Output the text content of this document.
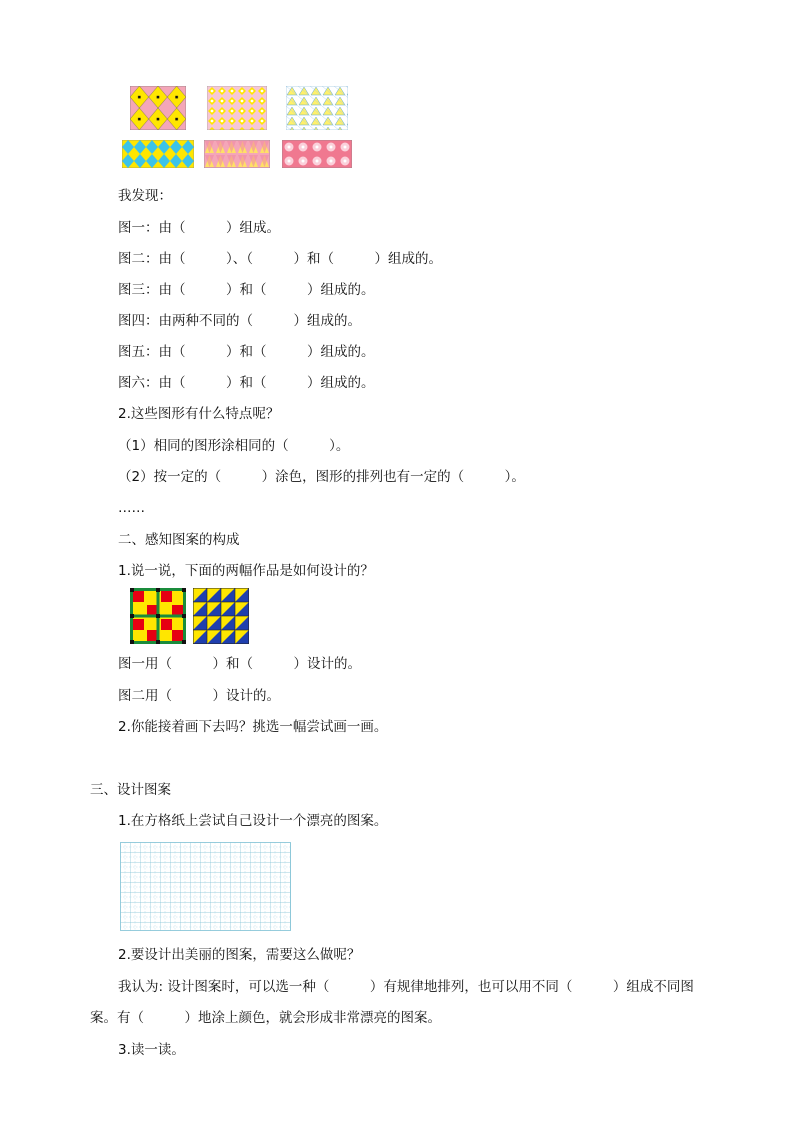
我发现：
图一：由（　　　）组成。
图二：由（　　　）、（　　　）和（　　　）组成的。
图三：由（　　　）和（　　　）组成的。
图四：由两种不同的（　　　）组成的。
图五：由（　　　）和（　　　）组成的。
图六：由（　　　）和（　　　）组成的。
2.这些图形有什么特点呢？
（1）相同的图形涂相同的（　　　）。
（2）按一定的（　　　）涂色，图形的排列也有一定的（　　　）。
……
二、感知图案的构成
1.说一说，下面的两幅作品是如何设计的？
图一用（　　　）和（　　　）设计的。
图二用（　　　）设计的。
2.你能接着画下去吗？挑选一幅尝试画一画。
三、设计图案
1.在方格纸上尝试自己设计一个漂亮的图案。
2.要设计出美丽的图案，需要这么做呢？
我认为: 设计图案时，可以选一种（　　　）有规律地排列，也可以用不同（　　　）组成不同图
案。有（　　　）地涂上颜色，就会形成非常漂亮的图案。
3.读一读。
